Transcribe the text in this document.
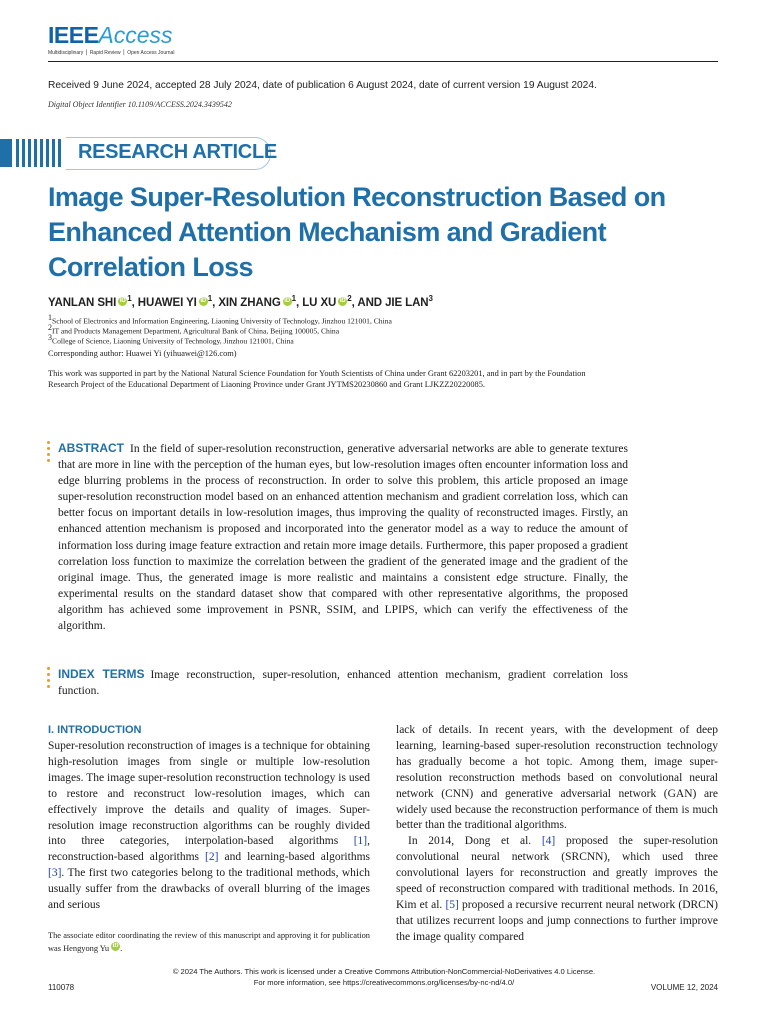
IEEEAccess
Multidisciplinary ⎪ Rapid Review ⎪ Open Access Journal
Received 9 June 2024, accepted 28 July 2024, date of publication 6 August 2024, date of current version 19 August 2024.
Digital Object Identifier 10.1109/ACCESS.2024.3439542
RESEARCH ARTICLE
Image Super-Resolution Reconstruction Based on
Enhanced Attention Mechanism and Gradient
Correlation Loss
YANLAN SHI iD $^1$, HUAWEI YI iD $^1$, XIN ZHANG iD $^1$, LU XU iD $^2$, AND JIE LAN$^3$
$^1$School of Electronics and Information Engineering, Liaoning University of Technology, Jinzhou 121001, China
$^2$IT and Products Management Department, Agricultural Bank of China, Beijing 100005, China
$^3$College of Science, Liaoning University of Technology, Jinzhou 121001, China
Corresponding author: Huawei Yi (yihuawei@126.com)
This work was supported in part by the National Natural Science Foundation for Youth Scientists of China under Grant 62203201, and in part by the Foundation Research Project of the Educational Department of Liaoning Province under Grant JYTMS20230860 and Grant LJKZZ20220085.
ABSTRACT In the field of super-resolution reconstruction, generative adversarial networks are able to generate textures that are more in line with the perception of the human eyes, but low-resolution images often encounter information loss and edge blurring problems in the process of reconstruction. In order to solve this problem, this article proposed an image super-resolution reconstruction model based on an enhanced attention mechanism and gradient correlation loss, which can better focus on important details in low-resolution images, thus improving the quality of reconstructed images. Firstly, an enhanced attention mechanism is proposed and incorporated into the generator model as a way to reduce the amount of information loss during image feature extraction and retain more image details. Furthermore, this paper proposed a gradient correlation loss function to maximize the correlation between the gradient of the generated image and the gradient of the original image. Thus, the generated image is more realistic and maintains a consistent edge structure. Finally, the experimental results on the standard dataset show that compared with other representative algorithms, the proposed algorithm has achieved some improvement in PSNR, SSIM, and LPIPS, which can verify the effectiveness of the algorithm.
INDEX TERMS Image reconstruction, super-resolution, enhanced attention mechanism, gradient correlation loss function.
I. INTRODUCTION
Super-resolution reconstruction of images is a technique for obtaining high-resolution images from single or multiple low-resolution images. The image super-resolution reconstruction technology is used to restore and reconstruct low-resolution images, which can effectively improve the details and quality of images. Super-resolution image reconstruction algorithms can be roughly divided into three categories, interpolation-based algorithms [1], reconstruction-based algorithms [2] and learning-based algorithms [3]. The first two categories belong to the traditional methods, which usually suffer from the drawbacks of overall blurring of the images and serious
lack of details. In recent years, with the development of deep learning, learning-based super-resolution reconstruction technology has gradually become a hot topic. Among them, image super-resolution reconstruction methods based on convolutional neural network (CNN) and generative adversarial network (GAN) are widely used because the reconstruction performance of them is much better than the traditional algorithms.
In 2014, Dong et al. [4] proposed the super-resolution convolutional neural network (SRCNN), which used three convolutional layers for reconstruction and greatly improves the speed of reconstruction compared with traditional methods. In 2016, Kim et al. [5] proposed a recursive recurrent neural network (DRCN) that utilizes recurrent loops and jump connections to further improve the image quality compared
The associate editor coordinating the review of this manuscript and approving it for publication was Hengyong Yu iD .
© 2024 The Authors. This work is licensed under a Creative Commons Attribution-NonCommercial-NoDerivatives 4.0 License.
For more information, see https://creativecommons.org/licenses/by-nc-nd/4.0/
110078	VOLUME 12, 2024
